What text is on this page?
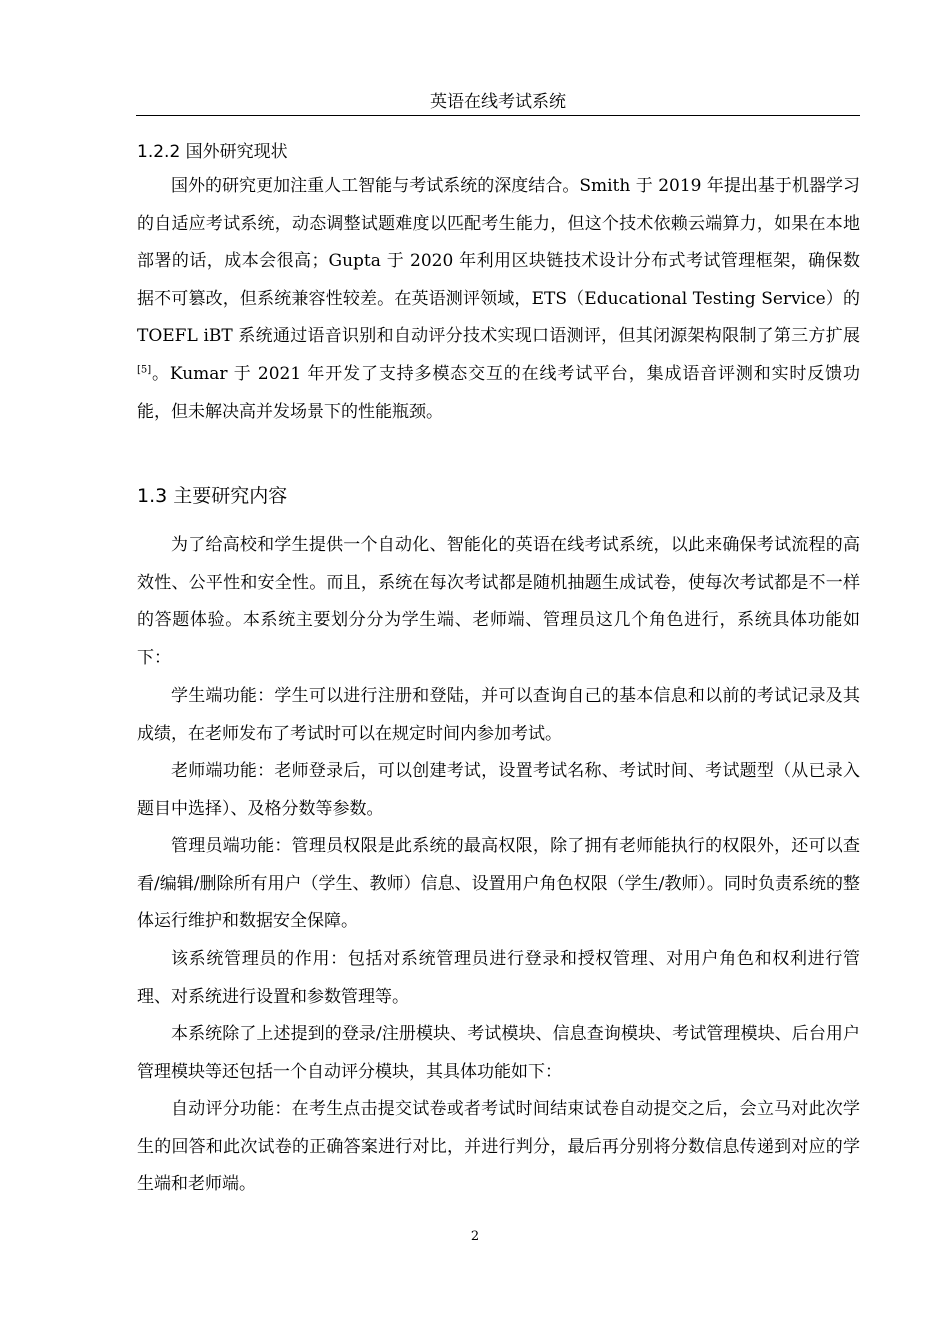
英语在线考试系统
1.2.2 国外研究现状

国外的研究更加注重人工智能与考试系统的深度结合。Smith 于 2019 年提出基于机器学习的自适应考试系统，动态调整试题难度以匹配考生能力，但这个技术依赖云端算力，如果在本地部署的话，成本会很高；Gupta 于 2020 年利用区块链技术设计分布式考试管理框架，确保数据不可篡改，但系统兼容性较差。在英语测评领域，ETS（Educational Testing Service）的 TOEFL iBT 系统通过语音识别和自动评分技术实现口语测评，但其闭源架构限制了第三方扩展[5]。Kumar 于 2021 年开发了支持多模态交互的在线考试平台，集成语音评测和实时反馈功能，但未解决高并发场景下的性能瓶颈。

1.3 主要研究内容

为了给高校和学生提供一个自动化、智能化的英语在线考试系统，以此来确保考试流程的高效性、公平性和安全性。而且，系统在每次考试都是随机抽题生成试卷，使每次考试都是不一样的答题体验。本系统主要划分分为学生端、老师端、管理员这几个角色进行，系统具体功能如下：

学生端功能：学生可以进行注册和登陆，并可以查询自己的基本信息和以前的考试记录及其成绩，在老师发布了考试时可以在规定时间内参加考试。

老师端功能：老师登录后，可以创建考试，设置考试名称、考试时间、考试题型（从已录入题目中选择）、及格分数等参数。

管理员端功能：管理员权限是此系统的最高权限，除了拥有老师能执行的权限外，还可以查看/编辑/删除所有用户（学生、教师）信息、设置用户角色权限（学生/教师）。同时负责系统的整体运行维护和数据安全保障。

该系统管理员的作用：包括对系统管理员进行登录和授权管理、对用户角色和权利进行管理、对系统进行设置和参数管理等。

本系统除了上述提到的登录/注册模块、考试模块、信息查询模块、考试管理模块、后台用户管理模块等还包括一个自动评分模块，其具体功能如下：

自动评分功能：在考生点击提交试卷或者考试时间结束试卷自动提交之后，会立马对此次学生的回答和此次试卷的正确答案进行对比，并进行判分，最后再分别将分数信息传递到对应的学生端和老师端。

2
